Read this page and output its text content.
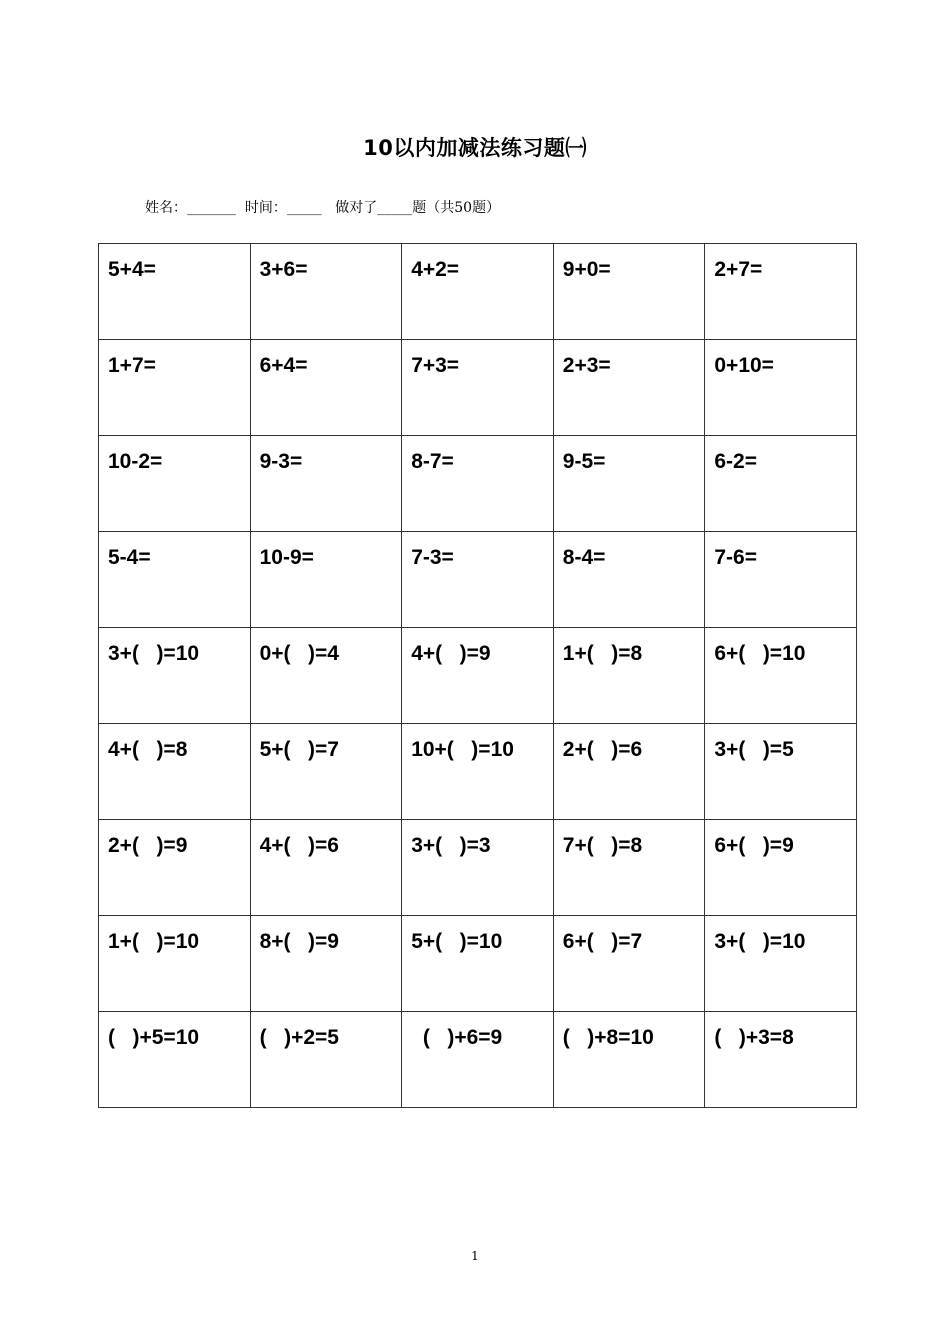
10以内加减法练习题㈠
姓名：_______  时间：_____   做对了_____题（共50题）
5+4=	3+6=	4+2=	9+0=	2+7=
1+7=	6+4=	7+3=	2+3=	0+10=
10-2=	9-3=	8-7=	9-5=	6-2=
5-4=	10-9=	7-3=	8-4=	7-6=
3+(   )=10	0+(   )=4	4+(   )=9	1+(   )=8	6+(   )=10
4+(   )=8	5+(   )=7	10+(   )=10	2+(   )=6	3+(   )=5
2+(   )=9	4+(   )=6	3+(   )=3	7+(   )=8	6+(   )=9
1+(   )=10	8+(   )=9	5+(   )=10	6+(   )=7	3+(   )=10
(   )+5=10	(   )+2=5	(   )+6=9	(   )+8=10	(   )+3=8
1
